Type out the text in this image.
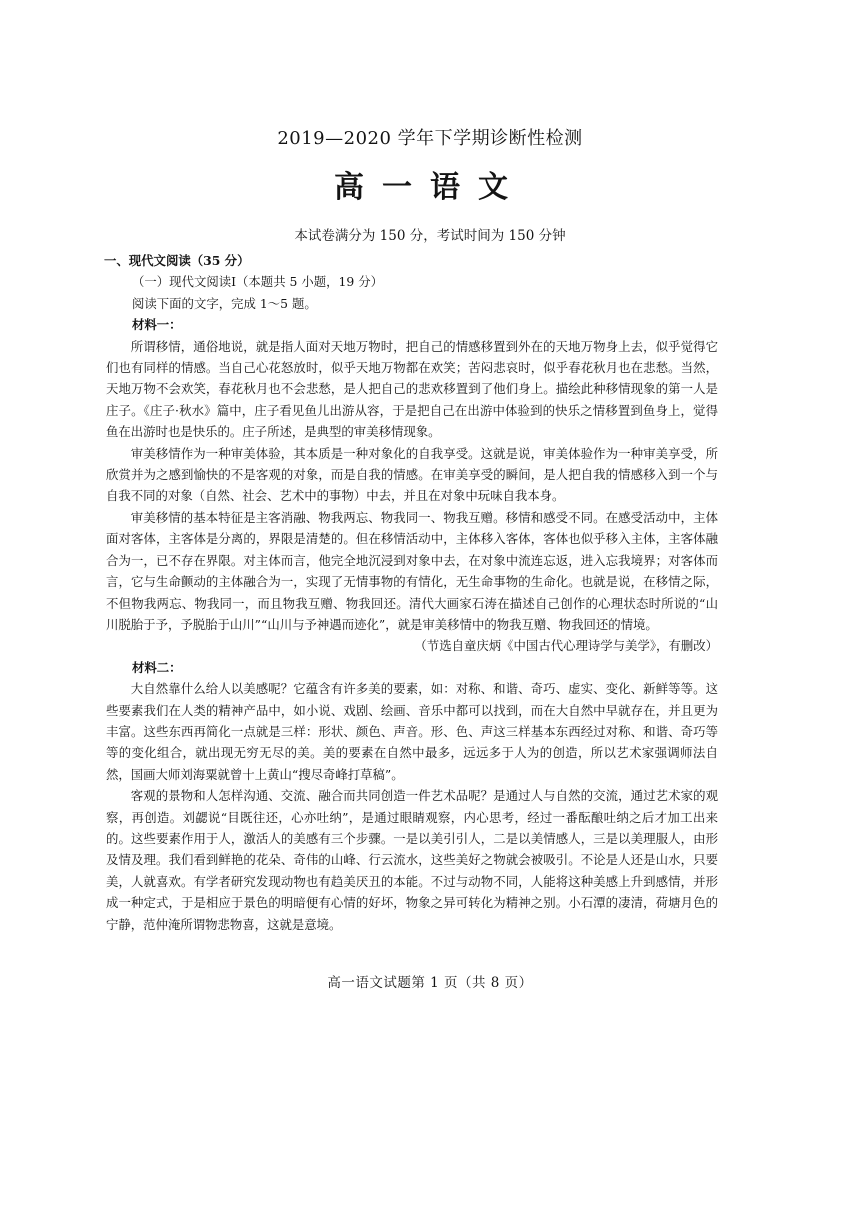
2019—2020 学年下学期诊断性检测
高一语文
本试卷满分为 150 分，考试时间为 150 分钟

一、现代文阅读（35 分）

（一）现代文阅读Ⅰ（本题共 5 小题，19 分）

阅读下面的文字，完成 1～5 题。

材料一：

所谓移情，通俗地说，就是指人面对天地万物时，把自己的情感移置到外在的天地万物身上去，似乎觉得它们也有同样的情感。当自己心花怒放时，似乎天地万物都在欢笑；苦闷悲哀时，似乎春花秋月也在悲愁。当然，天地万物不会欢笑，春花秋月也不会悲愁，是人把自己的悲欢移置到了他们身上。描绘此种移情现象的第一人是庄子。《庄子·秋水》篇中，庄子看见鱼儿出游从容，于是把自己在出游中体验到的快乐之情移置到鱼身上，觉得鱼在出游时也是快乐的。庄子所述，是典型的审美移情现象。

审美移情作为一种审美体验，其本质是一种对象化的自我享受。这就是说，审美体验作为一种审美享受，所欣赏并为之感到愉快的不是客观的对象，而是自我的情感。在审美享受的瞬间，是人把自我的情感移入到一个与自我不同的对象（自然、社会、艺术中的事物）中去，并且在对象中玩味自我本身。

审美移情的基本特征是主客消融、物我两忘、物我同一、物我互赠。移情和感受不同。在感受活动中，主体面对客体，主客体是分离的，界限是清楚的。但在移情活动中，主体移入客体，客体也似乎移入主体，主客体融合为一，已不存在界限。对主体而言，他完全地沉浸到对象中去，在对象中流连忘返，进入忘我境界；对客体而言，它与生命颤动的主体融合为一，实现了无情事物的有情化，无生命事物的生命化。也就是说，在移情之际，不但物我两忘、物我同一，而且物我互赠、物我回还。清代大画家石涛在描述自己创作的心理状态时所说的“山川脱胎于予，予脱胎于山川”“山川与予神遇而迹化”，就是审美移情中的物我互赠、物我回还的情境。

（节选自童庆炳《中国古代心理诗学与美学》，有删改）

材料二：

大自然靠什么给人以美感呢？它蕴含有许多美的要素，如：对称、和谐、奇巧、虚实、变化、新鲜等等。这些要素我们在人类的精神产品中，如小说、戏剧、绘画、音乐中都可以找到，而在大自然中早就存在，并且更为丰富。这些东西再简化一点就是三样：形状、颜色、声音。形、色、声这三样基本东西经过对称、和谐、奇巧等等的变化组合，就出现无穷无尽的美。美的要素在自然中最多，远远多于人为的创造，所以艺术家强调师法自然，国画大师刘海粟就曾十上黄山“搜尽奇峰打草稿”。

客观的景物和人怎样沟通、交流、融合而共同创造一件艺术品呢？是通过人与自然的交流，通过艺术家的观察，再创造。刘勰说“目既往还，心亦吐纳”，是通过眼睛观察，内心思考，经过一番酝酿吐纳之后才加工出来的。这些要素作用于人，激活人的美感有三个步骤。一是以美引引人，二是以美情感人，三是以美理服人，由形及情及理。我们看到鲜艳的花朵、奇伟的山峰、行云流水，这些美好之物就会被吸引。不论是人还是山水，只要美，人就喜欢。有学者研究发现动物也有趋美厌丑的本能。不过与动物不同，人能将这种美感上升到感情，并形成一种定式，于是相应于景色的明暗便有心情的好坏，物象之异可转化为精神之别。小石潭的凄清，荷塘月色的宁静，范仲淹所谓物悲物喜，这就是意境。

高一语文试题第 1 页（共 8 页）
